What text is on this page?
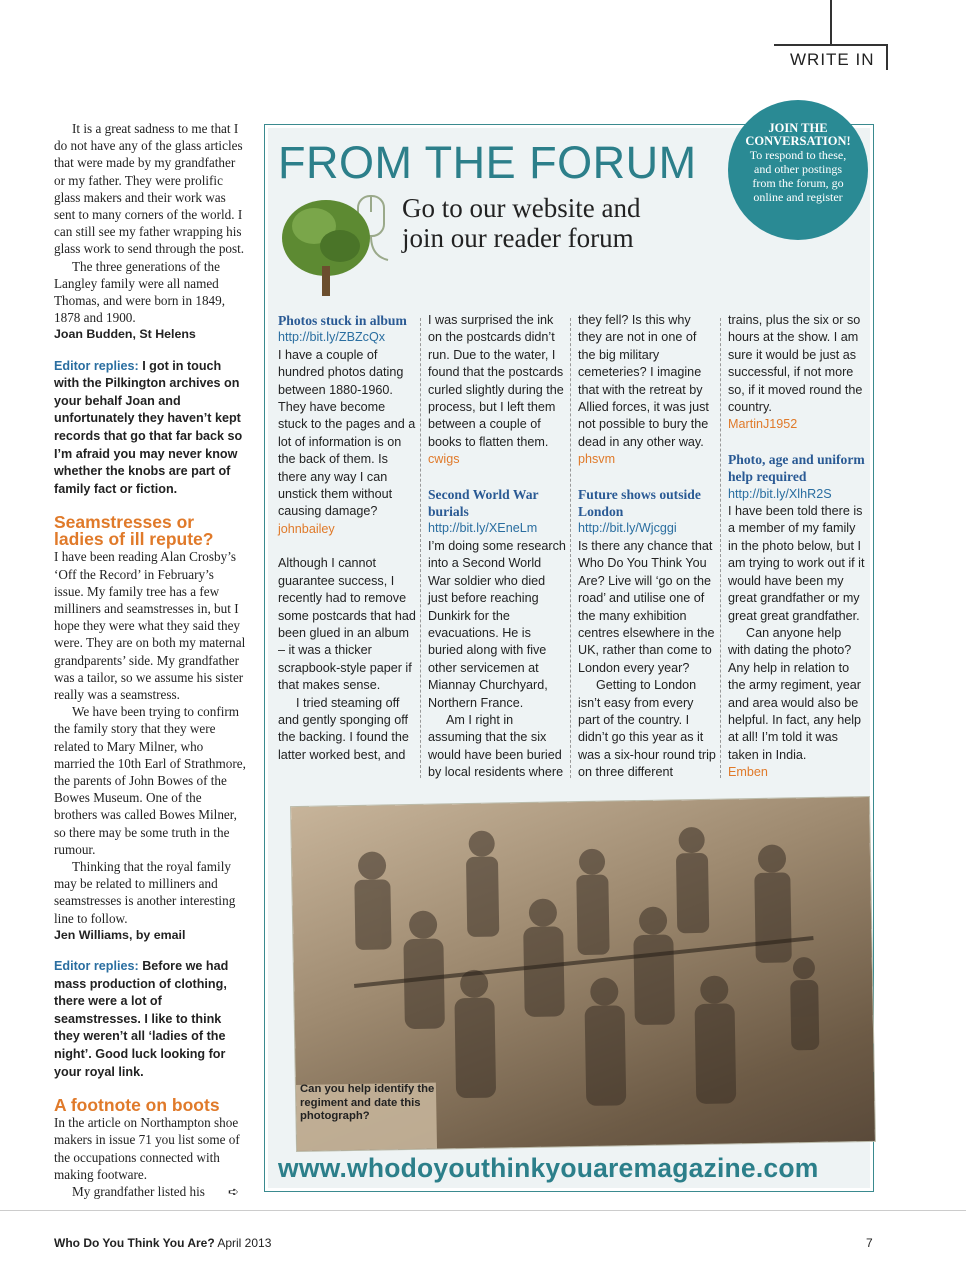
WRITE IN

It is a great sadness to me that I do not have any of the glass articles that were made by my grandfather or my father. They were prolific glass makers and their work was sent to many corners of the world. I can still see my father wrapping his glass work to send through the post.

The three generations of the Langley family were all named Thomas, and were born in 1849, 1878 and 1900.

Joan Budden, St Helens

Editor replies: I got in touch with the Pilkington archives on your behalf Joan and unfortunately they haven’t kept records that go that far back so I’m afraid you may never know whether the knobs are part of family fact or fiction.

Seamstresses or ladies of ill repute?

I have been reading Alan Crosby’s ‘Off the Record’ in February’s issue. My family tree has a few milliners and seamstresses in, but I hope they were what they said they were. They are on both my maternal grandparents’ side. My grandfather was a tailor, so we assume his sister really was a seamstress.

We have been trying to confirm the family story that they were related to Mary Milner, who married the 10th Earl of Strathmore, the parents of John Bowes of the Bowes Museum. One of the brothers was called Bowes Milner, so there may be some truth in the rumour.

Thinking that the royal family may be related to milliners and seamstresses is another interesting line to follow.

Jen Williams, by email

Editor replies: Before we had mass production of clothing, there were a lot of seamstresses. I like to think they weren’t all ‘ladies of the night’. Good luck looking for your royal link.

A footnote on boots

In the article on Northampton shoe makers in issue 71 you list some of the occupations connected with making footware.

My grandfather listed his ➪

FROM THE FORUM
Go to our website and join our reader forum
JOIN THE CONVERSATION!
To respond to these, and other postings from the forum, go online and register

Photos stuck in album

http://bit.ly/ZBZcQx

I have a couple of hundred photos dating between 1880-1960. They have become stuck to the pages and a lot of information is on the back of them. Is there any way I can unstick them without causing damage?

johnbailey

Although I cannot guarantee success, I recently had to remove some postcards that had been glued in an album – it was a thicker scrapbook-style paper if that makes sense.

I tried steaming off and gently sponging off the backing. I found the latter worked best, and

I was surprised the ink on the postcards didn’t run. Due to the water, I found that the postcards curled slightly during the process, but I left them between a couple of books to flatten them.

cwigs

Second World War burials

http://bit.ly/XEneLm

I’m doing some research into a Second World War soldier who died just before reaching Dunkirk for the evacuations. He is buried along with five other servicemen at Miannay Churchyard, Northern France.

Am I right in assuming that the six would have been buried by local residents where

they fell? Is this why they are not in one of the big military cemeteries? I imagine that with the retreat by Allied forces, it was just not possible to bury the dead in any other way.

phsvm

Future shows outside London

http://bit.ly/Wjcggi

Is there any chance that Who Do You Think You Are? Live will ‘go on the road’ and utilise one of the many exhibition centres elsewhere in the UK, rather than come to London every year?

Getting to London isn’t easy from every part of the country. I didn’t go this year as it was a six-hour round trip on three different

trains, plus the six or so hours at the show. I am sure it would be just as successful, if not more so, if it moved round the country.

MartinJ1952

Photo, age and uniform help required

http://bit.ly/XlhR2S

I have been told there is a member of my family in the photo below, but I am trying to work out if it would have been my great grandfather or my great great grandfather.

Can anyone help with dating the photo? Any help in relation to the army regiment, year and area would also be helpful. In fact, any help at all! I’m told it was taken in India.

Emben

Can you help identify the regiment and date this photograph?
www.whodoyouthinkyouaremagazine.com
Who Do You Think You Are? April 2013	7
